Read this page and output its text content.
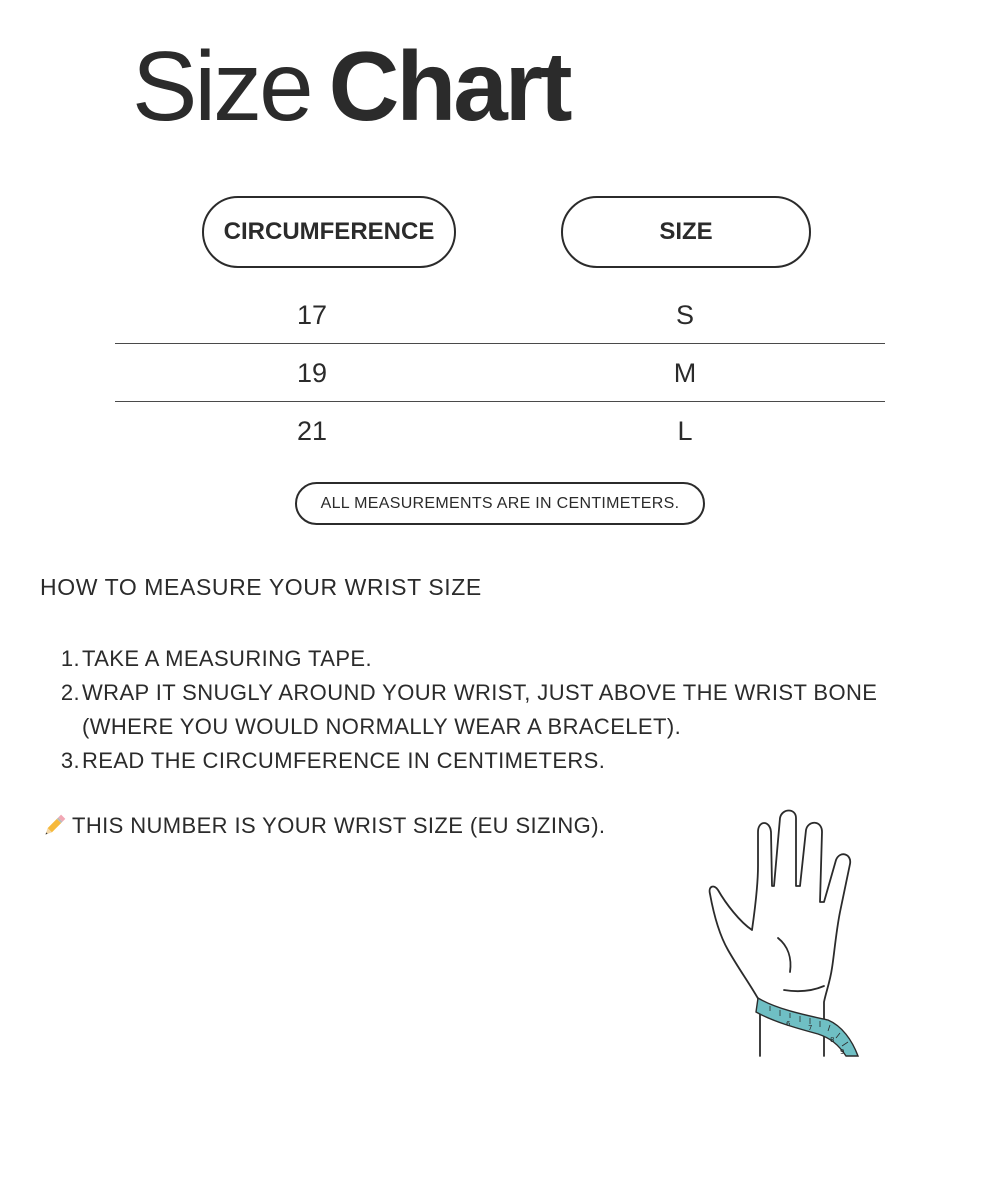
Size Chart
CIRCUMFERENCE	SIZE
17	S
19	M
21	L
ALL MEASUREMENTS ARE IN CENTIMETERS.
HOW TO MEASURE YOUR WRIST SIZE
1. TAKE A MEASURING TAPE.
2. WRAP IT SNUGLY AROUND YOUR WRIST, JUST ABOVE THE WRIST BONE
(WHERE YOU WOULD NORMALLY WEAR A BRACELET).
3. READ THE CIRCUMFERENCE IN CENTIMETERS.
THIS NUMBER IS YOUR WRIST SIZE (EU SIZING).
6	7
8
9
